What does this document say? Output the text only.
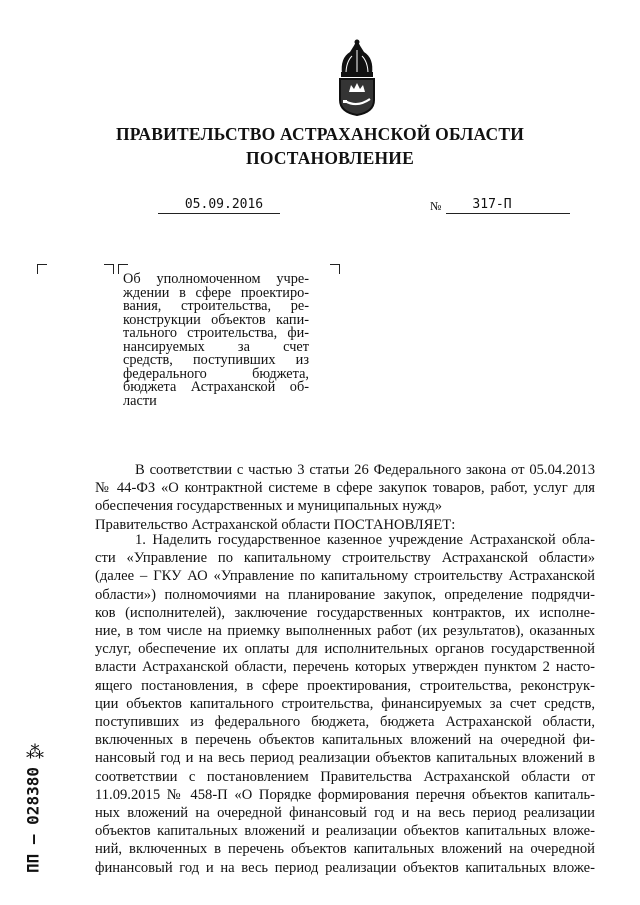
ПРАВИТЕЛЬСТВО АСТРАХАНСКОЙ ОБЛАСТИ
ПОСТАНОВЛЕНИЕ
05.09.2016	№	317-П
Об уполномоченном учре-
ждении в сфере проектиро-
вания, строительства, ре-
конструкции объектов капи-
тального строительства, фи-
нансируемых за счет
средств, поступивших из
федерального бюджета,
бюджета Астраханской об-
ласти
В соответствии с частью 3 статьи 26 Федерального закона от 05.04.2013
№ 44-ФЗ «О контрактной системе в сфере закупок товаров, работ, услуг для
обеспечения государственных и муниципальных нужд»
Правительство Астраханской области ПОСТАНОВЛЯЕТ:
1. Наделить государственное казенное учреждение Астраханской обла-
сти «Управление по капитальному строительству Астраханской области»
(далее – ГКУ АО «Управление по капитальному строительству Астраханской
области») полномочиями на планирование закупок, определение подрядчи-
ков (исполнителей), заключение государственных контрактов, их исполне-
ние, в том числе на приемку выполненных работ (их результатов), оказанных
услуг, обеспечение их оплаты для исполнительных органов государственной
власти Астраханской области, перечень которых утвержден пунктом 2 насто-
ящего постановления, в сфере проектирования, строительства, реконструк-
ции объектов капитального строительства, финансируемых за счет средств,
поступивших из федерального бюджета, бюджета Астраханской области,
включенных в перечень объектов капитальных вложений на очередной фи-
нансовый год и на весь период реализации объектов капитальных вложений в
соответствии с постановлением Правительства Астраханской области от
11.09.2015 № 458-П «О Порядке формирования перечня объектов капиталь-
ных вложений на очередной финансовый год и на весь период реализации
объектов капитальных вложений и реализации объектов капитальных вложе-
ний, включенных в перечень объектов капитальных вложений на очередной
финансовый год и на весь период реализации объектов капитальных вложе-
⁂
ПП – 028380
